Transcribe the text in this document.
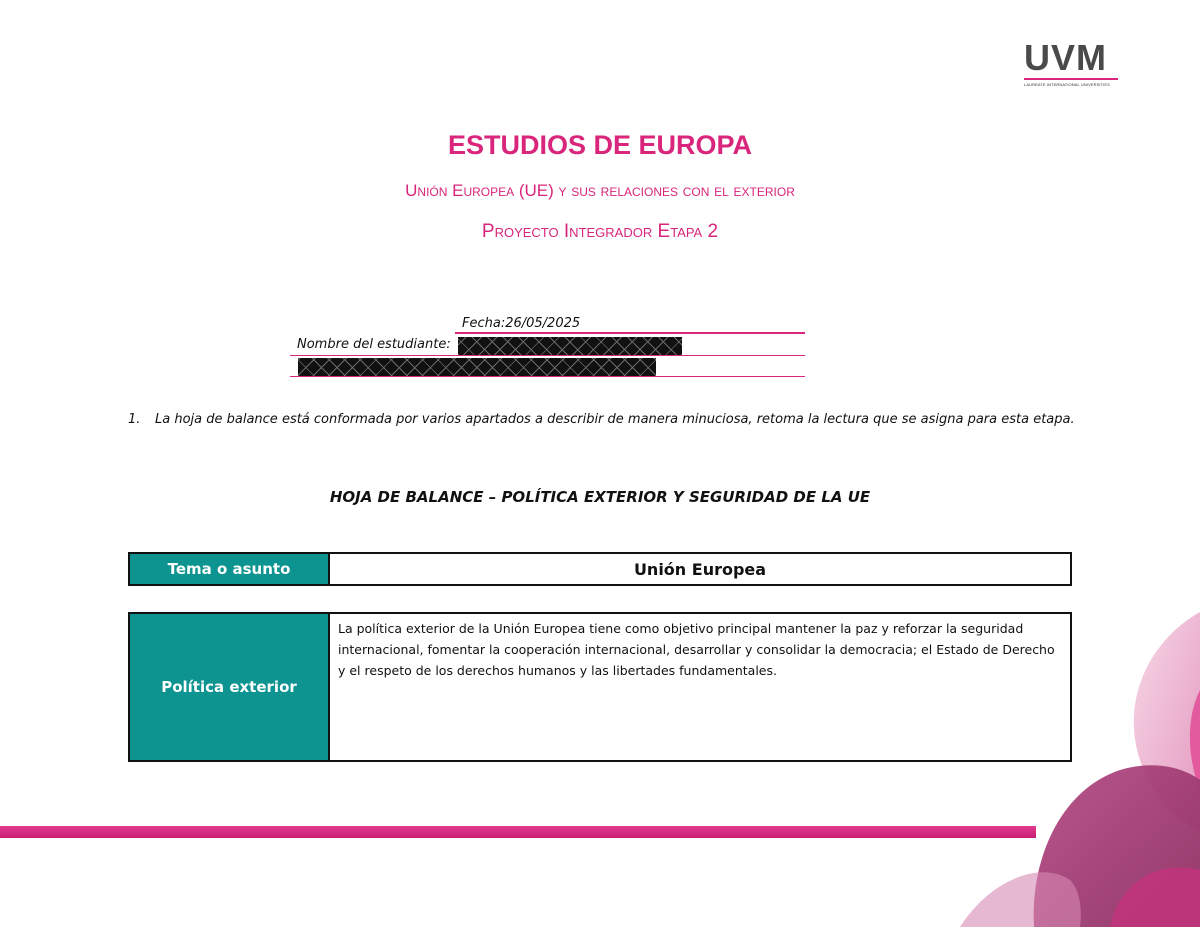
UVM
LAUREATE INTERNATIONAL UNIVERSITIES
ESTUDIOS DE EUROPA
Unión Europea (UE) y sus relaciones con el exterior
Proyecto Integrador Etapa 2
Fecha:26/05/2025
Nombre del estudiante:
1. La hoja de balance está conformada por varios apartados a describir de manera minuciosa, retoma la lectura que se asigna para esta etapa.
HOJA DE BALANCE – POLÍTICA EXTERIOR Y SEGURIDAD DE LA UE
Tema o asunto	Unión Europea
Política exterior	La política exterior de la Unión Europea tiene como objetivo principal mantener la paz y reforzar la seguridad internacional, fomentar la cooperación internacional, desarrollar y consolidar la democracia; el Estado de Derecho y el respeto de los derechos humanos y las libertades fundamentales.
